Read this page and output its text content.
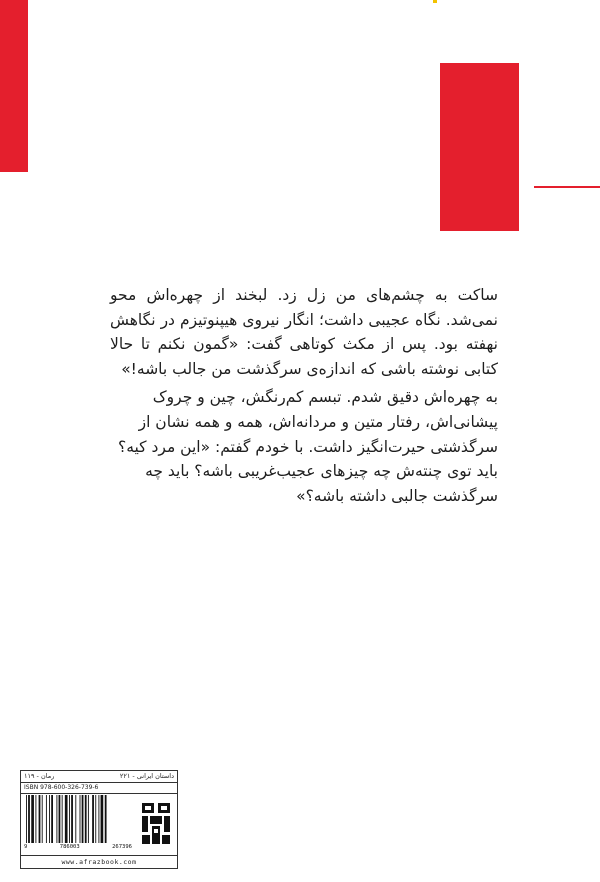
ساکت به چشم‌های من زل زد. لبخند از چهره‌اش محو نمی‌شد. نگاه عجیبی داشت؛ انگار نیروی هیپنوتیزم در نگاهش نهفته بود. پس از مکث کوتاهی گفت: «گمون نکنم تا حالا کتابی نوشته باشی که اندازه‌ی سرگذشت من جالب باشه!»

به چهره‌اش دقیق شدم. تبسم کم‌رنگش، چین و چروک پیشانی‌اش، رفتار متین و مردانه‌اش، همه و همه نشان از سرگذشتی حیرت‌انگیز داشت. با خودم گفتم: «این مرد کیه؟ باید توی چنته‌ش چه چیزهای عجیب‌غریبی باشه؟ باید چه سرگذشت جالبی داشته باشه؟»

داستان ایرانی - ۲۲۱
رمان - ۱۱۹
ISBN 978-600-326-739-6
9	786003	267396
www.afrazbook.com
